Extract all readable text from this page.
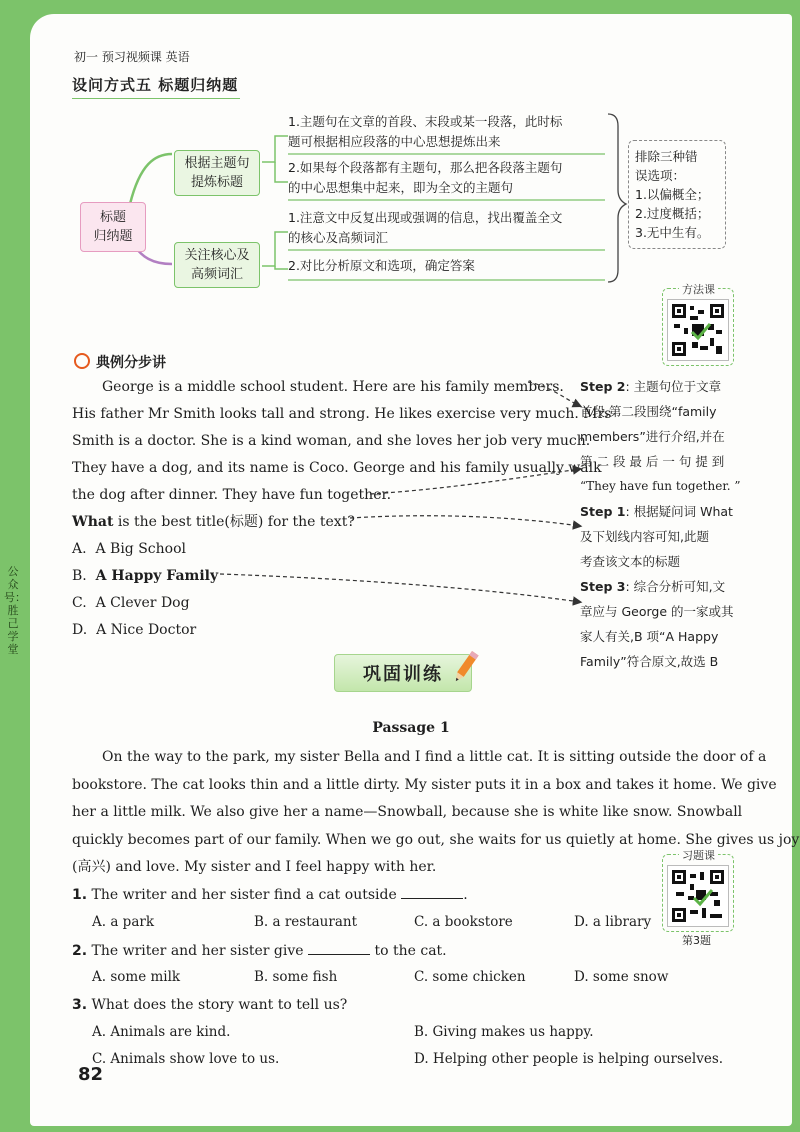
公众号：胜己学堂
初一 预习视频课 英语
设问方式五 标题归纳题
标题
归纳题
根据主题句
提炼标题
关注核心及
高频词汇
1.主题句在文章的首段、末段或某一段落，此时标
题可根据相应段落的中心思想提炼出来
2.如果每个段落都有主题句，那么把各段落主题句
的中心思想集中起来，即为全文的主题句
1.注意文中反复出现或强调的信息，找出覆盖全文
的核心及高频词汇
2.对比分析原文和选项，确定答案
排除三种错
误选项：
1.以偏概全；
2.过度概括；
3.无中生有。
方法课
典例分步讲
George is a middle school student. Here are his family members.
His father Mr Smith looks tall and strong. He likes exercise very much. Mrs
Smith is a doctor. She is a kind woman, and she loves her job very much.
They have a dog, and its name is Coco. George and his family usually walk
the dog after dinner. They have fun together.
What is the best title(标题) for the text?
A. A Big School
B. A Happy Family
C. A Clever Dog
D. A Nice Doctor
Step 2: 主题句位于文章
首段,第二段围绕“family
members”进行介绍,并在
第 二 段 最 后 一 句 提 到
“They have fun together. ”
Step 1: 根据疑问词 What
及下划线内容可知,此题
考查该文本的标题
Step 3: 综合分析可知,文
章应与 George 的一家或其
家人有关,B 项“A Happy
Family”符合原文,故选 B
巩固训练
Passage 1
On the way to the park, my sister Bella and I find a little cat. It is sitting outside the door of a
bookstore. The cat looks thin and a little dirty. My sister puts it in a box and takes it home. We give
her a little milk. We also give her a name—Snowball, because she is white like snow. Snowball
quickly becomes part of our family. When we go out, she waits for us quietly at home. She gives us joy
(高兴) and love. My sister and I feel happy with her.
习题课
第3题
1. The writer and her sister find a cat outside	.
A. a park	B. a restaurant	C. a bookstore	D. a library
2. The writer and her sister give	to the cat.
A. some milk	B. some fish	C. some chicken	D. some snow
3. What does the story want to tell us?
A. Animals are kind.	B. Giving makes us happy.
C. Animals show love to us.	D. Helping other people is helping ourselves.
82
